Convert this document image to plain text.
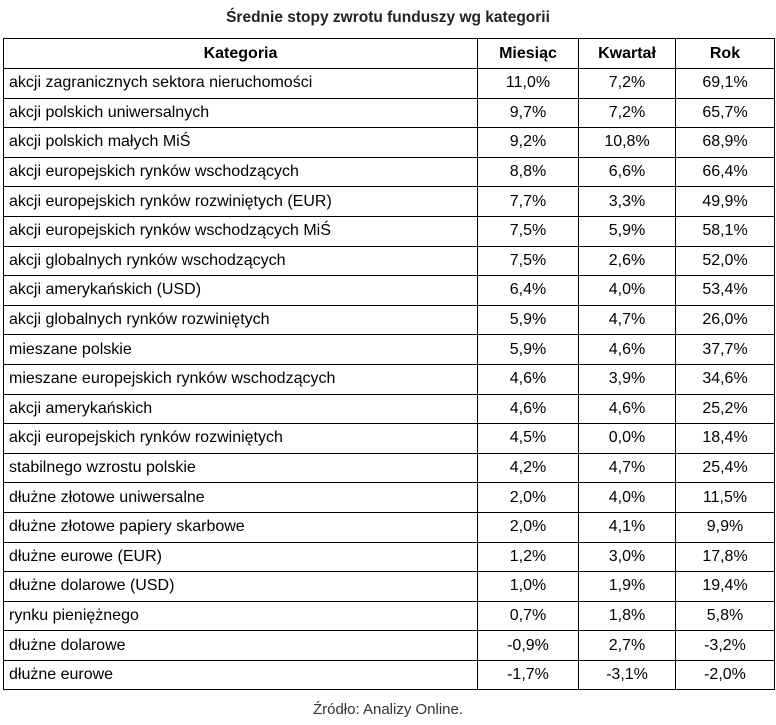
Średnie stopy zwrotu funduszy wg kategorii
Kategoria	Miesiąc	Kwartał	Rok
akcji zagranicznych sektora nieruchomości	11,0%	7,2%	69,1%
akcji polskich uniwersalnych	9,7%	7,2%	65,7%
akcji polskich małych MiŚ	9,2%	10,8%	68,9%
akcji europejskich rynków wschodzących	8,8%	6,6%	66,4%
akcji europejskich rynków rozwiniętych (EUR)	7,7%	3,3%	49,9%
akcji europejskich rynków wschodzących MiŚ	7,5%	5,9%	58,1%
akcji globalnych rynków wschodzących	7,5%	2,6%	52,0%
akcji amerykańskich (USD)	6,4%	4,0%	53,4%
akcji globalnych rynków rozwiniętych	5,9%	4,7%	26,0%
mieszane polskie	5,9%	4,6%	37,7%
mieszane europejskich rynków wschodzących	4,6%	3,9%	34,6%
akcji amerykańskich	4,6%	4,6%	25,2%
akcji europejskich rynków rozwiniętych	4,5%	0,0%	18,4%
stabilnego wzrostu polskie	4,2%	4,7%	25,4%
dłużne złotowe uniwersalne	2,0%	4,0%	11,5%
dłużne złotowe papiery skarbowe	2,0%	4,1%	9,9%
dłużne eurowe (EUR)	1,2%	3,0%	17,8%
dłużne dolarowe (USD)	1,0%	1,9%	19,4%
rynku pieniężnego	0,7%	1,8%	5,8%
dłużne dolarowe	-0,9%	2,7%	-3,2%
dłużne eurowe	-1,7%	-3,1%	-2,0%
Źródło: Analizy Online.
